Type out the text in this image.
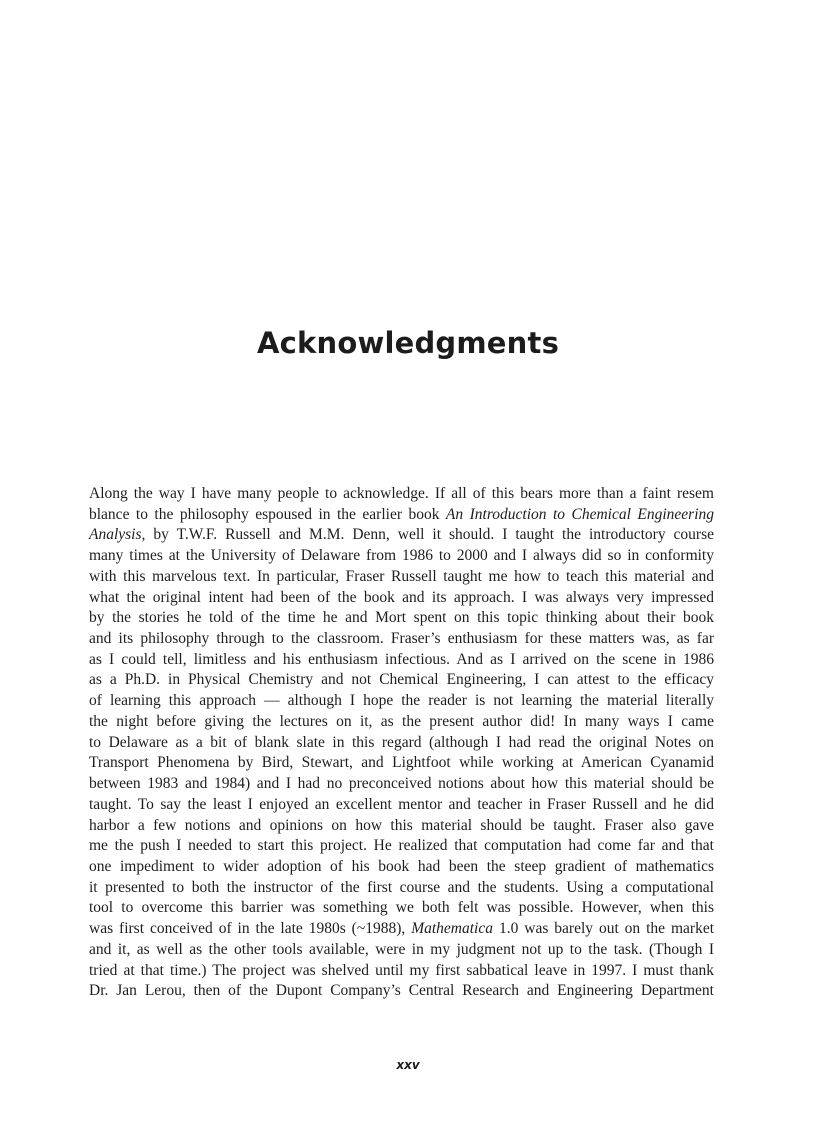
Acknowledgments
Along the way I have many people to acknowledge. If all of this bears more than a faint resem
blance to the philosophy espoused in the earlier book An Introduction to Chemical Engineering
Analysis, by T.W.F. Russell and M.M. Denn, well it should. I taught the introductory course
many times at the University of Delaware from 1986 to 2000 and I always did so in conformity
with this marvelous text. In particular, Fraser Russell taught me how to teach this material and
what the original intent had been of the book and its approach. I was always very impressed
by the stories he told of the time he and Mort spent on this topic thinking about their book
and its philosophy through to the classroom. Fraser’s enthusiasm for these matters was, as far
as I could tell, limitless and his enthusiasm infectious. And as I arrived on the scene in 1986
as a Ph.D. in Physical Chemistry and not Chemical Engineering, I can attest to the efficacy
of learning this approach — although I hope the reader is not learning the material literally
the night before giving the lectures on it, as the present author did! In many ways I came
to Delaware as a bit of blank slate in this regard (although I had read the original Notes on
Transport Phenomena by Bird, Stewart, and Lightfoot while working at American Cyanamid
between 1983 and 1984) and I had no preconceived notions about how this material should be
taught. To say the least I enjoyed an excellent mentor and teacher in Fraser Russell and he did
harbor a few notions and opinions on how this material should be taught. Fraser also gave
me the push I needed to start this project. He realized that computation had come far and that
one impediment to wider adoption of his book had been the steep gradient of mathematics
it presented to both the instructor of the first course and the students. Using a computational
tool to overcome this barrier was something we both felt was possible. However, when this
was first conceived of in the late 1980s (~1988), Mathematica 1.0 was barely out on the market
and it, as well as the other tools available, were in my judgment not up to the task. (Though I
tried at that time.) The project was shelved until my first sabbatical leave in 1997. I must thank
Dr. Jan Lerou, then of the Dupont Company’s Central Research and Engineering Department
xxv
